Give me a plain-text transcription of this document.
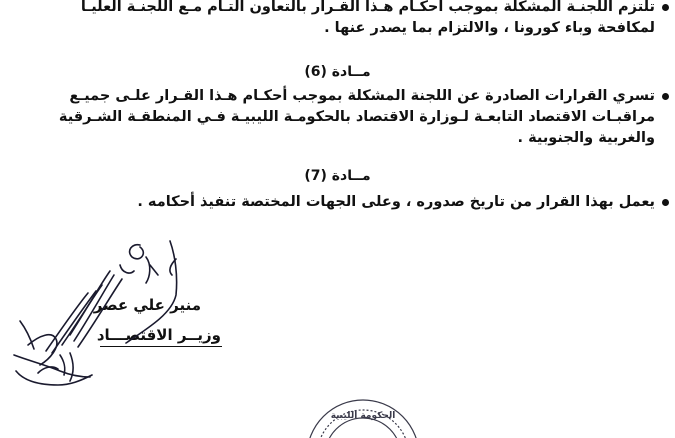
تلتزم اللجنـة المشكلة بموجب أحكـام هـذا القـرار بالتعاون التـام مـع اللجنـة العليـا
لمكافحة وباء كورونا ، والالتزام بما يصدر عنها .
مــادة (6)
تسري القرارات الصادرة عن اللجنة المشكلة بموجب أحكـام هـذا القـرار علـى جميـع
مراقبـات الاقتصاد التابعـة لـوزارة الاقتصاد بالحكومـة الليبيـة فـي المنطقـة الشـرقية
والغربية والجنوبية .
مــادة (7)
يعمل بهذا القرار من تاريخ صدوره ، وعلى الجهات المختصة تنفيذ أحكامه .
منير علي عصر
وزيــر الاقتصـــاد
الحكومة الليبية
